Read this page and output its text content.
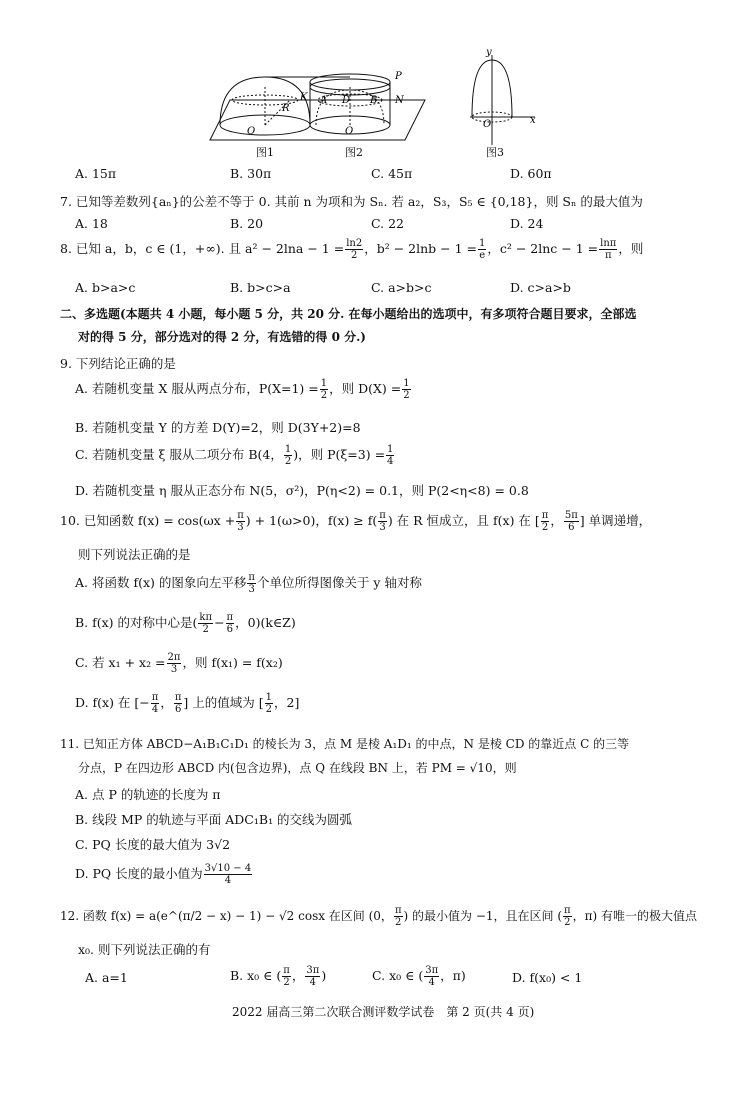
P
N
K A D B
R
O	O
y
x
O
图1	图2	图3
A. 15π	B. 30π	C. 45π	D. 60π
7. 已知等差数列{aₙ}的公差不等于 0. 其前 n 为项和为 Sₙ. 若 a₂，S₃，S₅ ∈ {0,18}，则 Sₙ 的最大值为
A. 18	B. 20	C. 22	D. 24
8. 已知 a，b，c ∈ (1，+∞). 且 $a^2 - 2\ln a - 1 = \frac{\ln 2}{2}$ ，$b^2 - 2\ln b - 1 = \frac{1}{e}$ ，$c^2 - 2\ln c - 1 = \frac{\ln\pi}{\pi}$ ，则
A. b>a>c	B. b>c>a	C. a>b>c	D. c>a>b
二、多选题(本题共 4 小题，每小题 5 分，共 20 分. 在每小题给出的选项中，有多项符合题目要求，全部选
对的得 5 分，部分选对的得 2 分，有选错的得 0 分.)
9. 下列结论正确的是
A. 若随机变量 X 服从两点分布，$P(X=1) = \frac{1}{2}$ ，则 $D(X) = \frac{1}{2}$
B. 若随机变量 Y 的方差 D(Y)=2，则 D(3Y+2)=8
C. 若随机变量 ξ 服从二项分布 B(4， $\frac{1}{2}$ )，则 $P(\xi=3) = \frac{1}{4}$
D. 若随机变量 η 服从正态分布 N(5，σ²)，P(η<2) = 0.1，则 P(2<η<8) = 0.8
10. 已知函数 $f(x) = \cos(\omega x + \frac{\pi}{3}$ ) + 1(ω>0)，$f(x) \ge f( \frac{\pi}{3}$ ) 在 R 恒成立，且 f(x) 在 [ $\frac{\pi}{2}$ ， $\frac{5\pi}{6}$ ] 单调递增，
则下列说法正确的是
A. 将函数 f(x) 的图象向左平移 $\frac{\pi}{3}$ 个单位所得图像关于 y 轴对称
B. f(x) 的对称中心是( $\frac{k\pi}{2} - \frac{\pi}{6}$ ，0)(k∈Z)
C. 若 $x_1 + x_2 = \frac{2\pi}{3}$ ，则 f(x₁) = f(x₂)
D. f(x) 在 [− $\frac{\pi}{4}$ ， $\frac{\pi}{6}$ ] 上的值域为 [ $\frac{1}{2}$ ，2]
11. 已知正方体 ABCD−A₁B₁C₁D₁ 的棱长为 3，点 M 是棱 A₁D₁ 的中点，N 是棱 CD 的靠近点 C 的三等
分点，P 在四边形 ABCD 内(包含边界)，点 Q 在线段 BN 上，若 PM = √10，则
A. 点 P 的轨迹的长度为 π
B. 线段 MP 的轨迹与平面 ADC₁B₁ 的交线为圆弧
C. PQ 长度的最大值为 3√2
D. PQ 长度的最小值为 $\frac{3√10 - 4}{4}$
12. 函数 f(x) = a(e^(π/2 − x) − 1) − √2 cosx 在区间 (0， $\frac{\pi}{2}$ ) 的最小值为 −1，且在区间 ( $\frac{\pi}{2}$ ，π) 有唯一的极大值点
x₀. 则下列说法正确的有
A. a=1	B. x₀ ∈ ( $\frac{\pi}{2}$ ， $\frac{3\pi}{4}$ )	C. x₀ ∈ ( $\frac{3\pi}{4}$ ，π)	D. f(x₀) < 1
2022 届高三第二次联合测评数学试卷　第 2 页(共 4 页)
